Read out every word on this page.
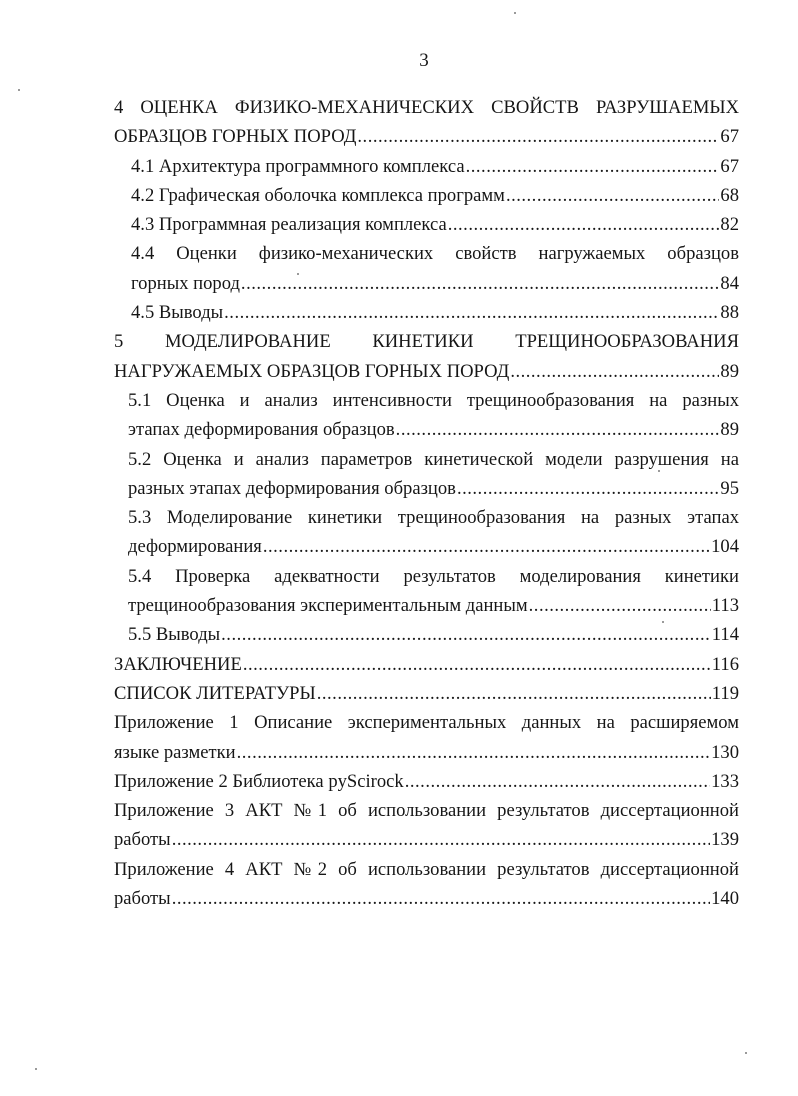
3
4 ОЦЕНКА ФИЗИКО-МЕХАНИЧЕСКИХ СВОЙСТВ РАЗРУШАЕМЫХ
ОБРАЗЦОВ ГОРНЫХ ПОРОД .....	67
4.1 Архитектура программного комплекса .....	67
4.2 Графическая оболочка комплекса программ .....	68
4.3 Программная реализация комплекса .....	82
4.4 Оценки физико-механических свойств нагружаемых образцов
горных пород .....	84
4.5 Выводы .....	88
5 МОДЕЛИРОВАНИЕ КИНЕТИКИ ТРЕЩИНООБРАЗОВАНИЯ
НАГРУЖАЕМЫХ ОБРАЗЦОВ ГОРНЫХ ПОРОД .....	89
5.1 Оценка и анализ интенсивности трещинообразования на разных
этапах деформирования образцов .....	89
5.2 Оценка и анализ параметров кинетической модели разрушения на
разных этапах деформирования образцов .....	95
5.3 Моделирование кинетики трещинообразования на разных этапах
деформирования .....	104
5.4 Проверка адекватности результатов моделирования кинетики
трещинообразования экспериментальным данным .....	113
5.5 Выводы .....	114
ЗАКЛЮЧЕНИЕ .....	116
СПИСОК ЛИТЕРАТУРЫ .....	119
Приложение 1 Описание экспериментальных данных на расширяемом
языке разметки .....	130
Приложение 2 Библиотека pyScirock .....	133
Приложение 3 АКТ №1 об использовании результатов диссертационной
работы .....	139
Приложение 4 АКТ №2 об использовании результатов диссертационной
работы .....	140
